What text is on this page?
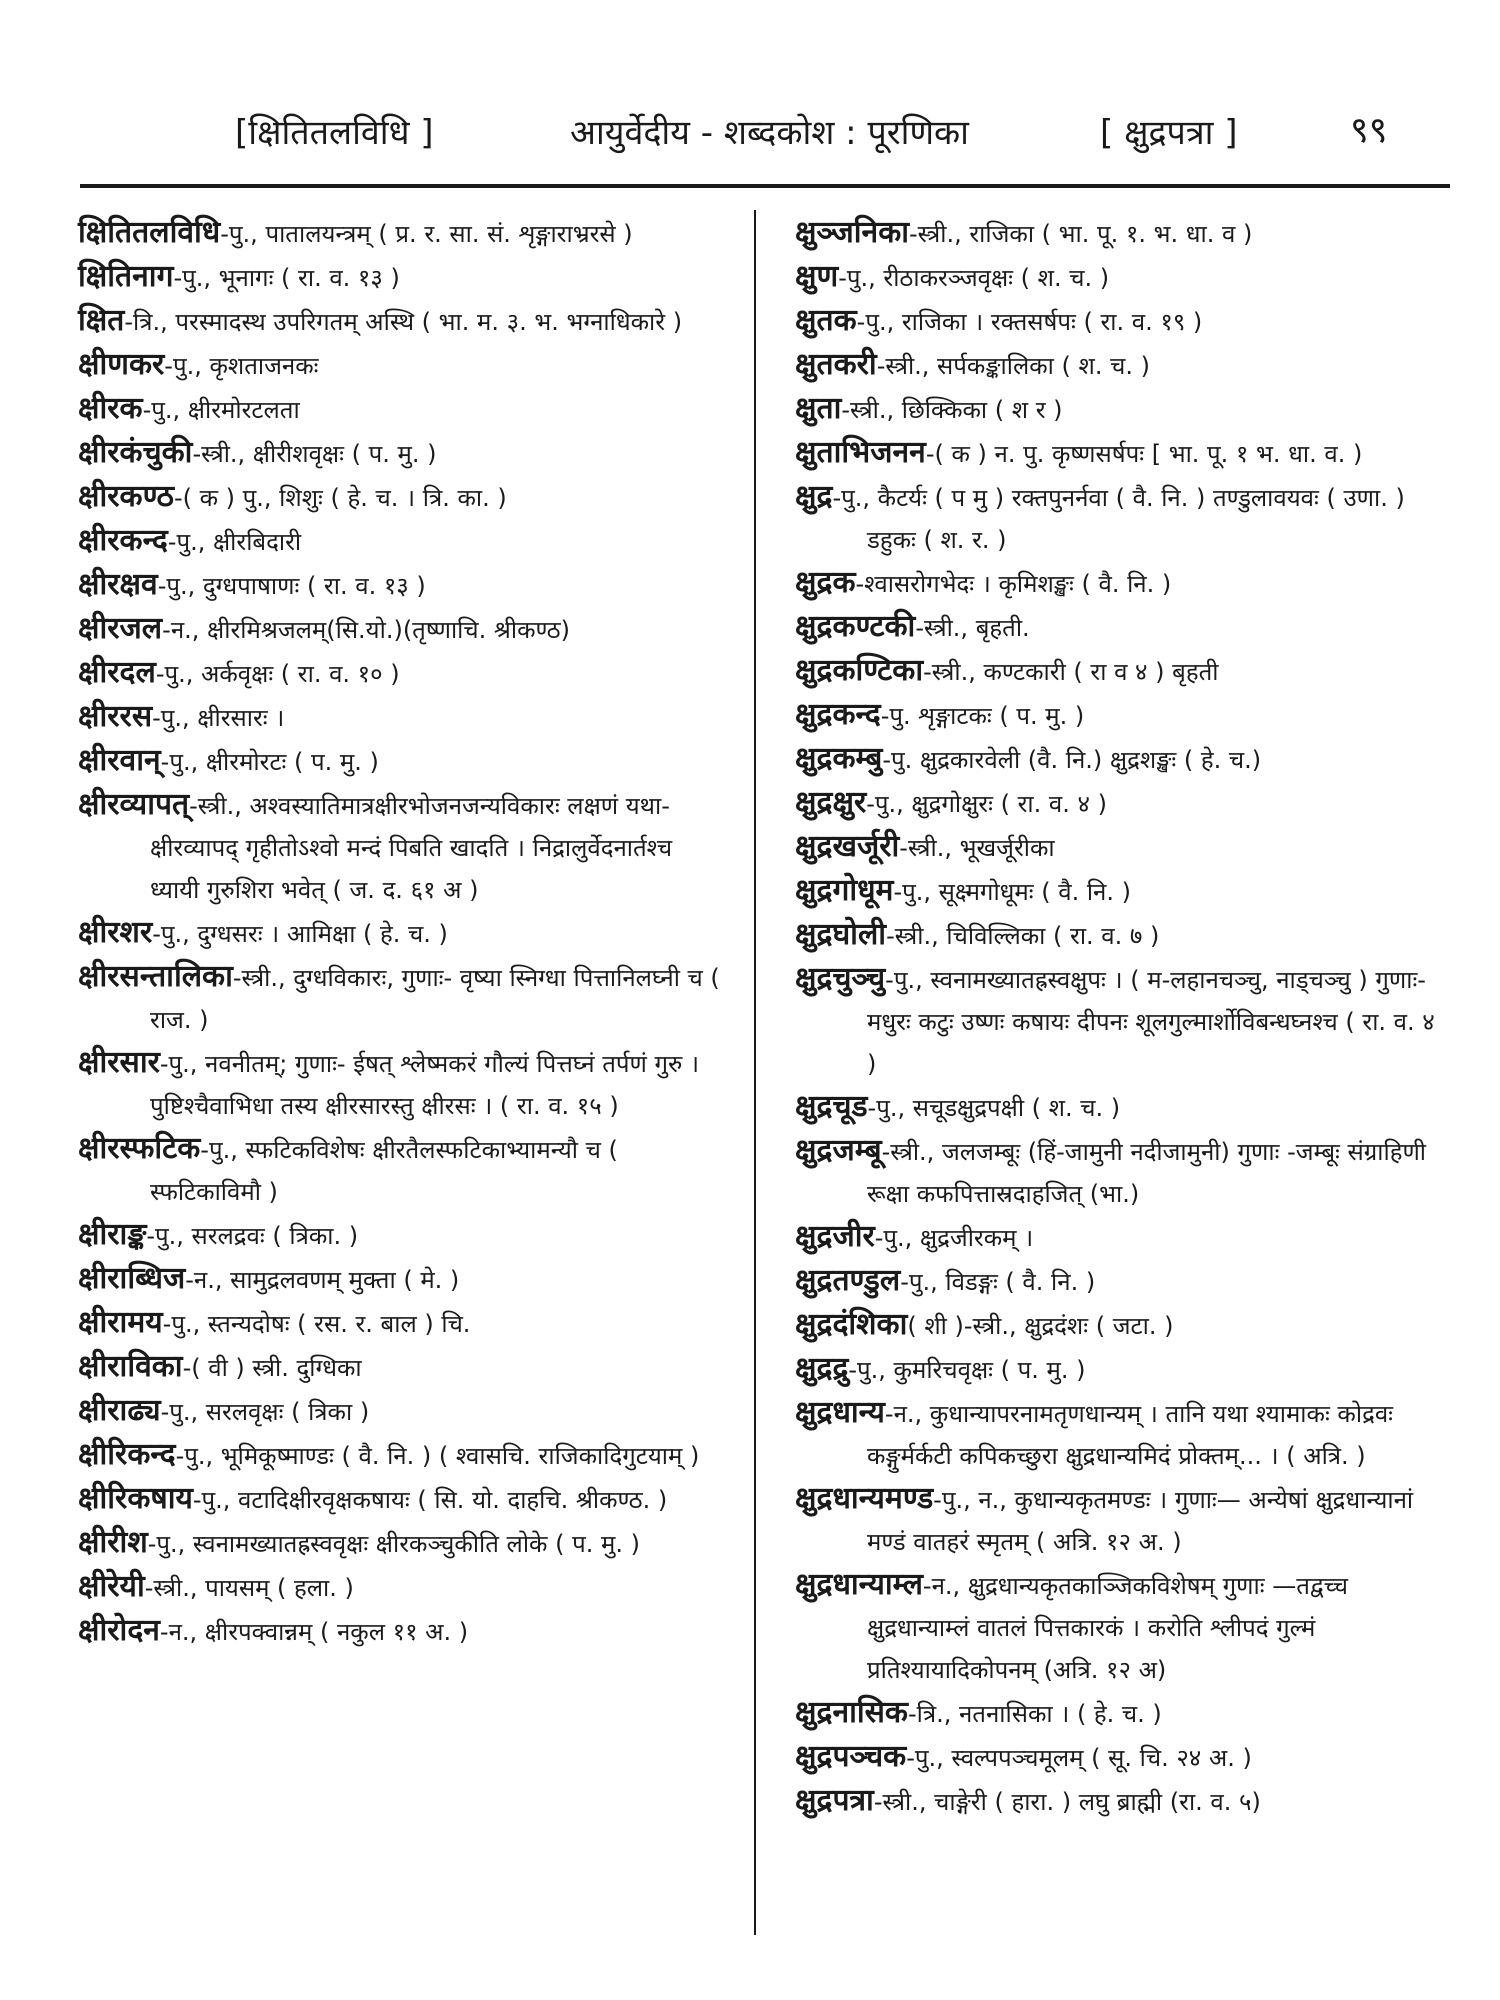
[क्षितितलविधि ]	आयुर्वेदीय - शब्दकोश : पूरणिका	[ क्षुद्रपत्रा ]	९९
क्षितितलविधि-पु., पातालयन्त्रम् ( प्र. र. सा. सं. शृङ्गाराभ्ररसे )
क्षितिनाग-पु., भूनागः ( रा. व. १३ )
क्षित-त्रि., परस्मादस्थ उपरिगतम् अस्थि ( भा. म. ३. भ. भग्नाधिकारे )
क्षीणकर-पु., कृशताजनकः
क्षीरक-पु., क्षीरमोरटलता
क्षीरकंचुकी-स्त्री., क्षीरीशवृक्षः ( प. मु. )
क्षीरकण्ठ-( क ) पु., शिशुः ( हे. च. । त्रि. का. )
क्षीरकन्द-पु., क्षीरबिदारी
क्षीरक्षव-पु., दुग्धपाषाणः ( रा. व. १३ )
क्षीरजल-न., क्षीरमिश्रजलम्(सि.यो.)(तृष्णाचि. श्रीकण्ठ)
क्षीरदल-पु., अर्कवृक्षः ( रा. व. १० )
क्षीररस-पु., क्षीरसारः ।
क्षीरवान्-पु., क्षीरमोरटः ( प. मु. )
क्षीरव्यापत्-स्त्री., अश्वस्यातिमात्रक्षीरभोजनजन्यविकारः लक्षणं यथा-क्षीरव्यापद् गृहीतोऽश्वो मन्दं पिबति खादति । निद्रालुर्वेदनार्तश्च ध्यायी गुरुशिरा भवेत् ( ज. द. ६१ अ )
क्षीरशर-पु., दुग्धसरः । आमिक्षा ( हे. च. )
क्षीरसन्तालिका-स्त्री., दुग्धविकारः, गुणाः- वृष्या स्निग्धा पित्तानिलघ्नी च ( राज. )
क्षीरसार-पु., नवनीतम्; गुणाः- ईषत् श्लेष्मकरं गौल्यं पित्तघ्नं तर्पणं गुरु । पुष्टिश्चैवाभिधा तस्य क्षीरसारस्तु क्षीरसः । ( रा. व. १५ )
क्षीरस्फटिक-पु., स्फटिकविशेषः क्षीरतैलस्फटिकाभ्यामन्यौ च ( स्फटिकाविमौ )
क्षीराङ्क-पु., सरलद्रवः ( त्रिका. )
क्षीराब्धिज-न., सामुद्रलवणम् मुक्ता ( मे. )
क्षीरामय-पु., स्तन्यदोषः ( रस. र. बाल ) चि.
क्षीराविका-( वी ) स्त्री. दुग्धिका
क्षीराढ्य-पु., सरलवृक्षः ( त्रिका )
क्षीरिकन्द-पु., भूमिकूष्माण्डः ( वै. नि. ) ( श्वासचि. राजिकादिगुटयाम् )
क्षीरिकषाय-पु., वटादिक्षीरवृक्षकषायः ( सि. यो. दाहचि. श्रीकण्ठ. )
क्षीरीश-पु., स्वनामख्यातह्रस्ववृक्षः क्षीरकञ्चुकीति लोके ( प. मु. )
क्षीरेयी-स्त्री., पायसम् ( हला. )
क्षीरोदन-न., क्षीरपक्वान्नम् ( नकुल ११ अ. )
क्षुञ्जनिका-स्त्री., राजिका ( भा. पू. १. भ. धा. व )
क्षुण-पु., रीठाकरञ्जवृक्षः ( श. च. )
क्षुतक-पु., राजिका । रक्तसर्षपः ( रा. व. १९ )
क्षुतकरी-स्त्री., सर्पकङ्कालिका ( श. च. )
क्षुता-स्त्री., छिक्किका ( श र )
क्षुताभिजनन-( क ) न. पु. कृष्णसर्षपः [ भा. पू. १ भ. धा. व. )
क्षुद्र-पु., कैटर्यः ( प मु ) रक्तपुनर्नवा ( वै. नि. ) तण्डुलावयवः ( उणा. ) डहुकः ( श. र. )
क्षुद्रक-श्वासरोगभेदः । कृमिशङ्खः ( वै. नि. )
क्षुद्रकण्टकी-स्त्री., बृहती.
क्षुद्रकण्टिका-स्त्री., कण्टकारी ( रा व ४ ) बृहती
क्षुद्रकन्द-पु. शृङ्गाटकः ( प. मु. )
क्षुद्रकम्बु-पु. क्षुद्रकारवेली (वै. नि.) क्षुद्रशङ्खः ( हे. च.)
क्षुद्रक्षुर-पु., क्षुद्रगोक्षुरः ( रा. व. ४ )
क्षुद्रखर्जूरी-स्त्री., भूखर्जूरीका
क्षुद्रगोधूम-पु., सूक्ष्मगोधूमः ( वै. नि. )
क्षुद्रघोली-स्त्री., चिविल्लिका ( रा. व. ७ )
क्षुद्रचुञ्चु-पु., स्वनामख्यातह्रस्वक्षुपः । ( म-लहानचञ्चु, नाड्चञ्चु ) गुणाः-मधुरः कटुः उष्णः कषायः दीपनः शूलगुल्मार्शोविबन्धघ्नश्च ( रा. व. ४ )
क्षुद्रचूड-पु., सचूडक्षुद्रपक्षी ( श. च. )
क्षुद्रजम्बू-स्त्री., जलजम्बूः (हिं-जामुनी नदीजामुनी) गुणाः -जम्बूः संग्राहिणी रूक्षा कफपित्तास्रदाहजित् (भा.)
क्षुद्रजीर-पु., क्षुद्रजीरकम् ।
क्षुद्रतण्डुल-पु., विडङ्गः ( वै. नि. )
क्षुद्रदंशिका( शी )-स्त्री., क्षुद्रदंशः ( जटा. )
क्षुद्रद्रु-पु., कुमरिचवृक्षः ( प. मु. )
क्षुद्रधान्य-न., कुधान्यापरनामतृणधान्यम् । तानि यथा श्यामाकः कोद्रवः कङ्गुर्मर्कटी कपिकच्छुरा क्षुद्रधान्यमिदं प्रोक्तम्... । ( अत्रि. )
क्षुद्रधान्यमण्ड-पु., न., कुधान्यकृतमण्डः । गुणाः— अन्येषां क्षुद्रधान्यानां मण्डं वातहरं स्मृतम् ( अत्रि. १२ अ. )
क्षुद्रधान्याम्ल-न., क्षुद्रधान्यकृतकाञ्जिकविशेषम् गुणाः —तद्वच्च क्षुद्रधान्याम्लं वातलं पित्तकारकं । करोति श्लीपदं गुल्मं प्रतिश्यायादिकोपनम् (अत्रि. १२ अ)
क्षुद्रनासिक-त्रि., नतनासिका । ( हे. च. )
क्षुद्रपञ्चक-पु., स्वल्पपञ्चमूलम् ( सू. चि. २४ अ. )
क्षुद्रपत्रा-स्त्री., चाङ्गेरी ( हारा. ) लघु ब्राह्मी (रा. व. ५)
